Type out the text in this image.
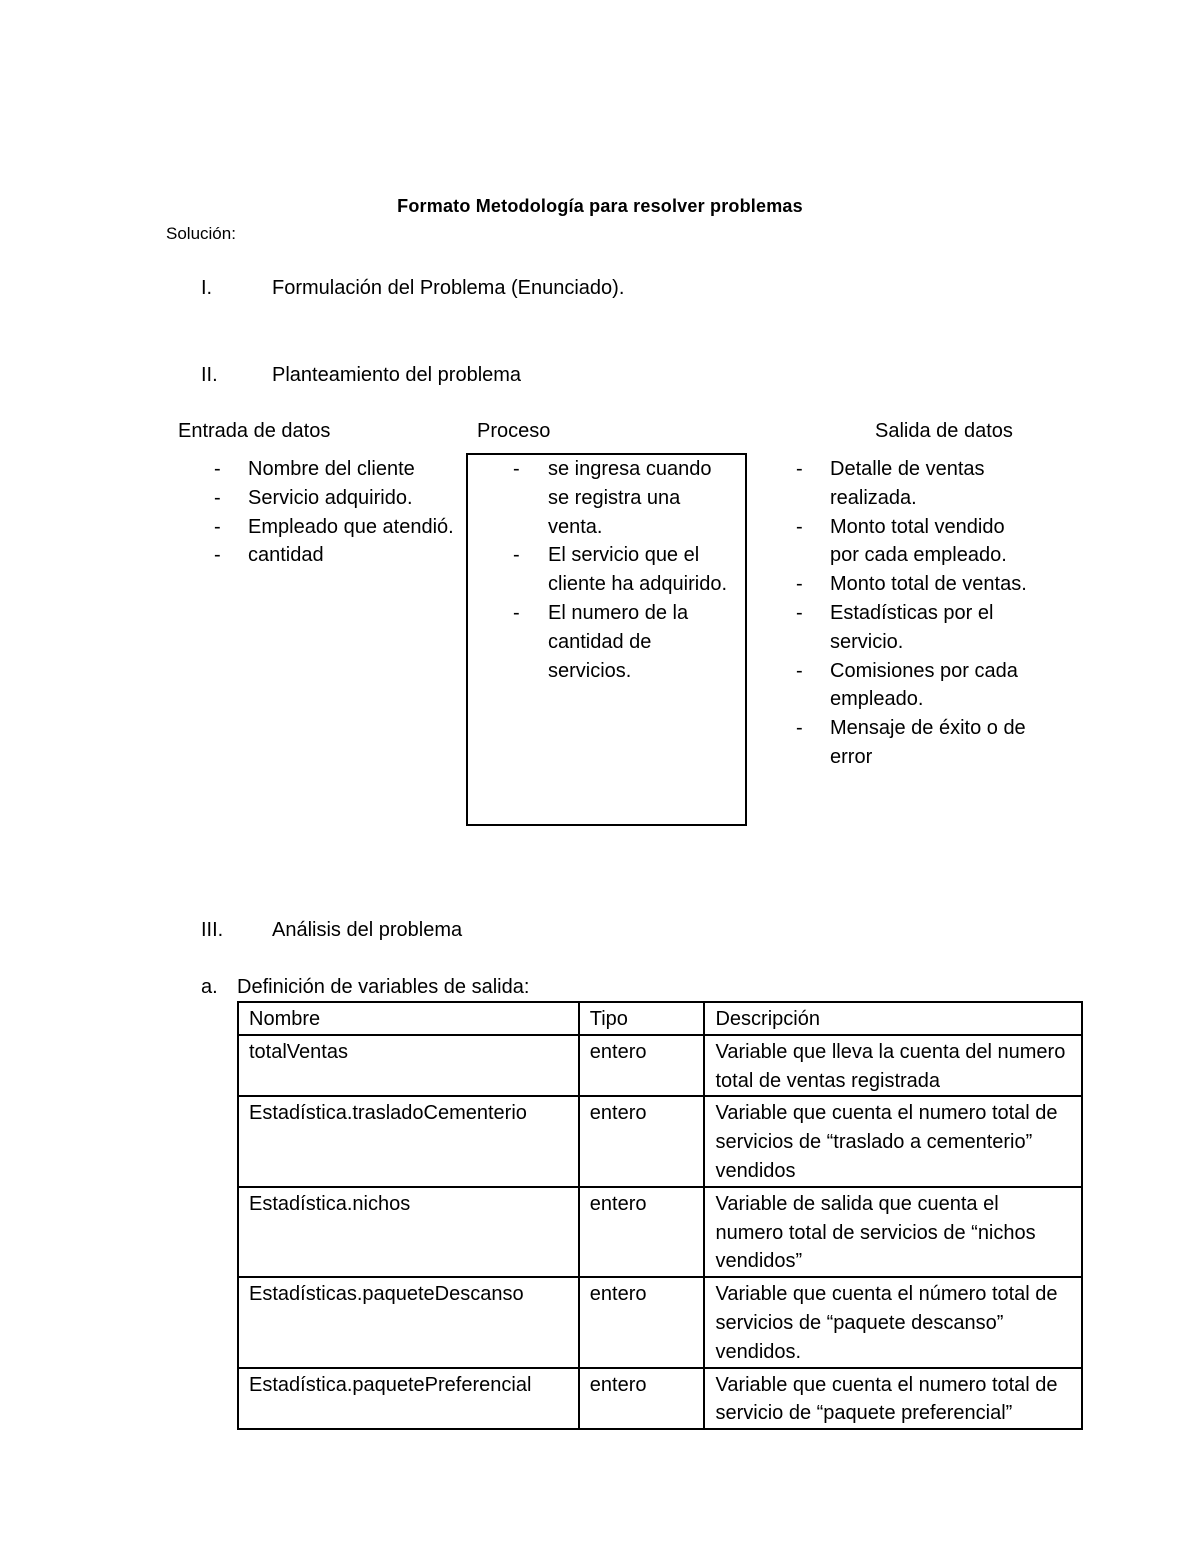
Formato Metodología para resolver problemas
Solución:
I.	Formulación del Problema (Enunciado).
II.	Planteamiento del problema
Entrada de datos	Proceso	Salida de datos
- Nombre del cliente
- Servicio adquirido.
- Empleado que atendió.
- cantidad
- se ingresa cuando se registra una venta.
- El servicio que el cliente ha adquirido.
- El numero de la cantidad de servicios.
- Detalle de ventas realizada.
- Monto total vendido por cada empleado.
- Monto total de ventas.
- Estadísticas por el servicio.
- Comisiones por cada empleado.
- Mensaje de éxito o de error
III. Análisis del problema
a. Definición de variables de salida:
Nombre	Tipo	Descripción
totalVentas	entero	Variable que lleva la cuenta del numero total de ventas registrada
Estadística.trasladoCementerio	entero	Variable que cuenta el numero total de servicios de “traslado a cementerio” vendidos
Estadística.nichos	entero	Variable de salida que cuenta el numero total de servicios de “nichos vendidos”
Estadísticas.paqueteDescanso	entero	Variable que cuenta el número total de servicios de “paquete descanso” vendidos.
Estadística.paquetePreferencial	entero	Variable que cuenta el numero total de servicio de “paquete preferencial”
